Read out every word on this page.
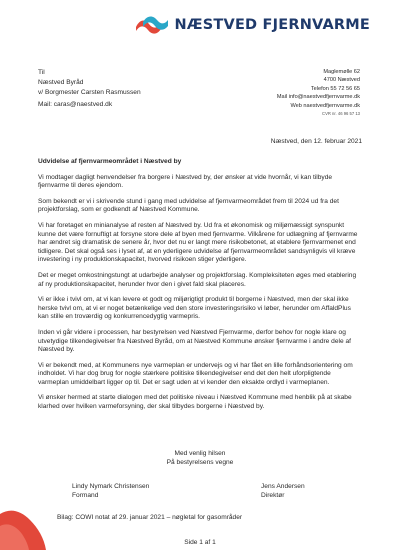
NÆSTVED FJERNVARME
Til
Næstved Byråd
v/ Borgmester Carsten Rasmussen
Mail: caras@naestved.dk
Maglemølle 62
4700 Næstved
Telefon 55 72 56 65
Mail info@naestvedfjernvarme.dk
Web naestvedfjernvarme.dk
CVR nr. 46 96 57 13
Næstved, den 12. februar 2021
Udvidelse af fjernvarmeområdet i Næstved by

Vi modtager dagligt henvendelser fra borgere i Næstved by, der ønsker at vide hvornår, vi kan tilbyde fjernvarme til deres ejendom.

Som bekendt er vi i skrivende stund i gang med udvidelse af fjernvarmeområdet frem til 2024 ud fra det projektforslag, som er godkendt af Næstved Kommune.

Vi har foretaget en minianalyse af resten af Næstved by. Ud fra et økonomisk og miljømæssigt synspunkt kunne det være fornuftigt at forsyne store dele af byen med fjernvarme. Vilkårene for udlægning af fjernvarme har ændret sig dramatisk de senere år, hvor det nu er langt mere risikobetonet, at etablere fjernvarmenet end tidligere. Det skal også ses i lyset af, at en yderligere udvidelse af fjernvarmeområdet sandsynligvis vil kræve investering i ny produktionskapacitet, hvorved risikoen stiger yderligere.

Det er meget omkostningstungt at udarbejde analyser og projektforslag. Kompleksiteten øges med etablering af ny produktionskapacitet, herunder hvor den i givet fald skal placeres.

Vi er ikke i tvivl om, at vi kan levere et godt og miljørigtigt produkt til borgerne i Næstved, men der skal ikke herske tvivl om, at vi er noget betænkelige ved den store investeringsrisiko vi løber, herunder om AffaldPlus kan stille en troværdig og konkurrencedygtig varmepris.

Inden vi går videre i processen, har bestyrelsen ved Næstved Fjernvarme, derfor behov for nogle klare og utvetydige tilkendegivelser fra Næstved Byråd, om at Næstved Kommune ønsker fjernvarme i andre dele af Næstved by.

Vi er bekendt med, at Kommunens nye varmeplan er undervejs og vi har fået en lille forhåndsorientering om indholdet. Vi har dog brug for nogle stærkere politiske tilkendegivelser end det den helt uforpligtende varmeplan umiddelbart ligger op til. Det er sagt uden at vi kender den eksakte ordlyd i varmeplanen.

Vi ønsker hermed at starte dialogen med det politiske niveau i Næstved Kommune med henblik på at skabe klarhed over hvilken varmeforsyning, der skal tilbydes borgerne i Næstved by.

Med venlig hilsen
På bestyrelsens vegne
Lindy Nymark Christensen
Formand
Jens Andersen
Direktør
Bilag: COWI notat af 29. januar 2021 – nøgletal for gasområder
Side 1 af 1
